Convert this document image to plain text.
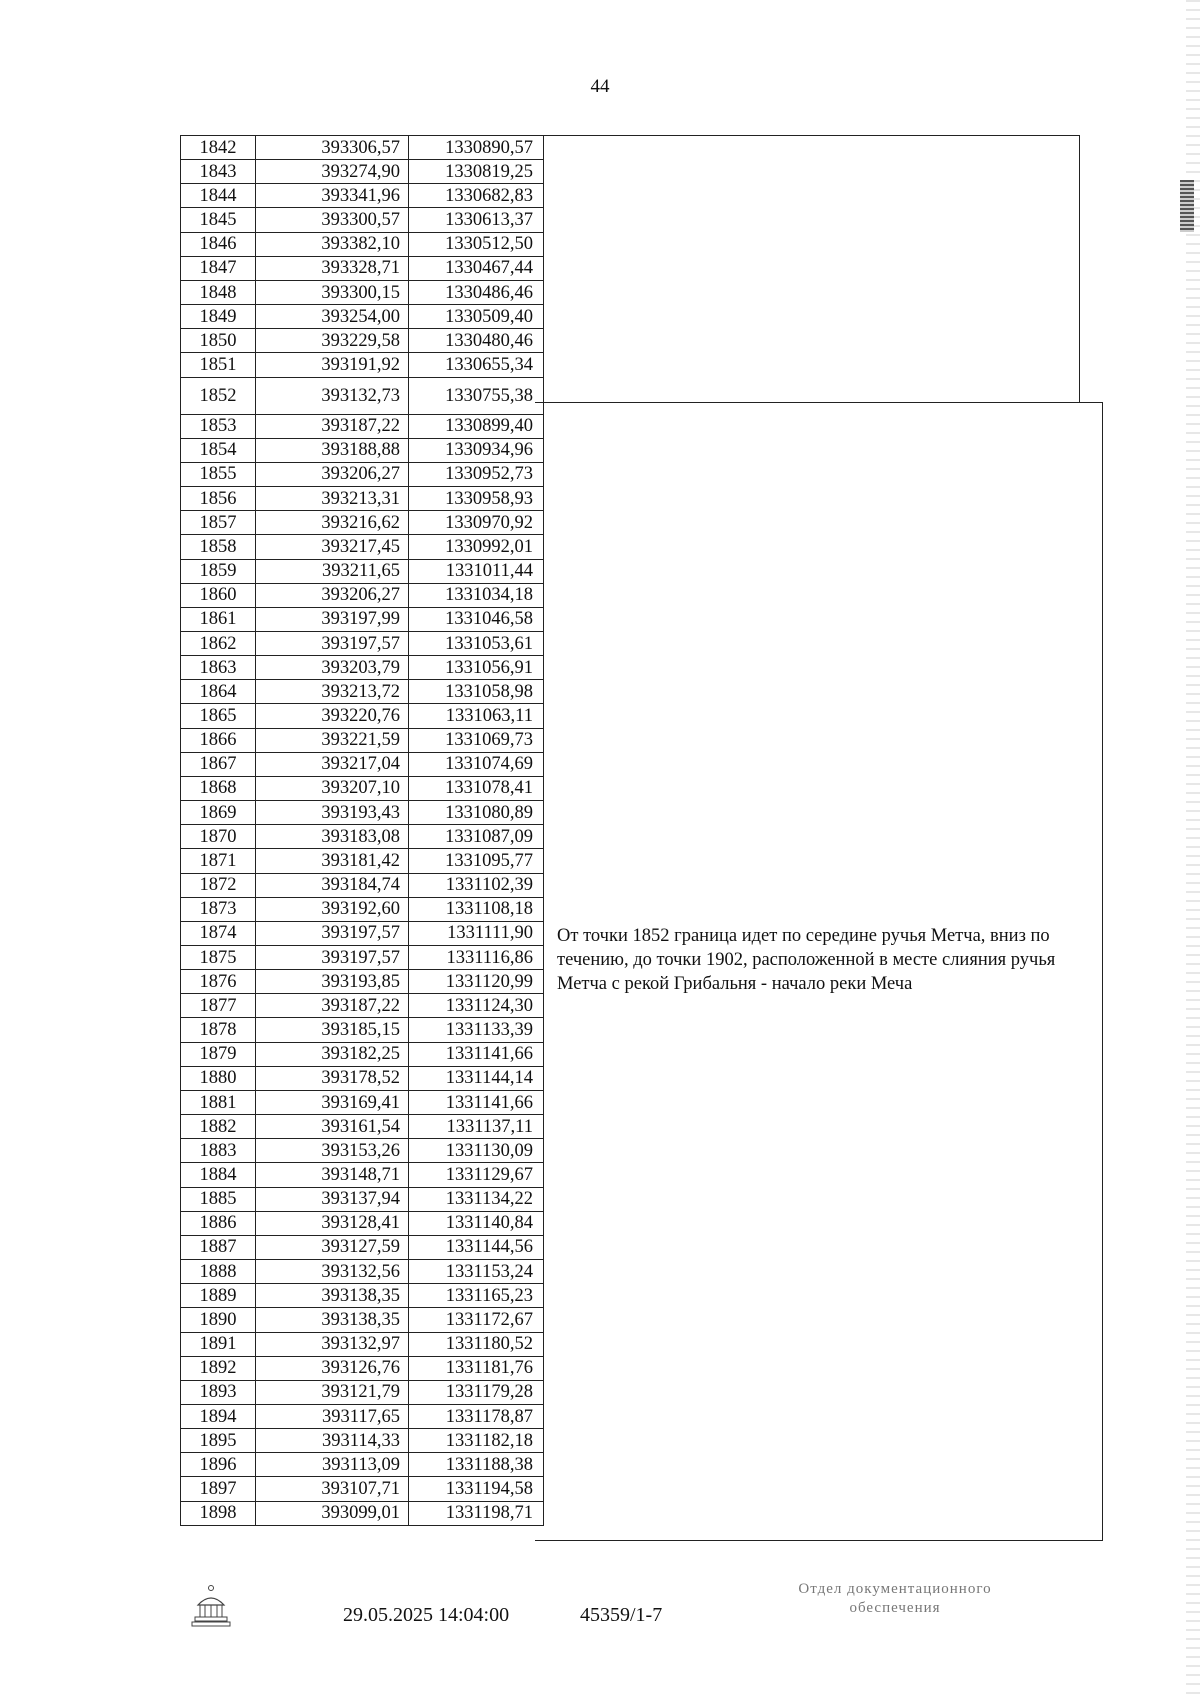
44
1842	393306,57	1330890,57
1843	393274,90	1330819,25
1844	393341,96	1330682,83
1845	393300,57	1330613,37
1846	393382,10	1330512,50
1847	393328,71	1330467,44
1848	393300,15	1330486,46
1849	393254,00	1330509,40
1850	393229,58	1330480,46
1851	393191,92	1330655,34
1852	393132,73	1330755,38
1853	393187,22	1330899,40
1854	393188,88	1330934,96
1855	393206,27	1330952,73
1856	393213,31	1330958,93
1857	393216,62	1330970,92
1858	393217,45	1330992,01
1859	393211,65	1331011,44
1860	393206,27	1331034,18
1861	393197,99	1331046,58
1862	393197,57	1331053,61
1863	393203,79	1331056,91
1864	393213,72	1331058,98
1865	393220,76	1331063,11
1866	393221,59	1331069,73
1867	393217,04	1331074,69
1868	393207,10	1331078,41
1869	393193,43	1331080,89
1870	393183,08	1331087,09
1871	393181,42	1331095,77
1872	393184,74	1331102,39
1873	393192,60	1331108,18
1874	393197,57	1331111,90
1875	393197,57	1331116,86
1876	393193,85	1331120,99
1877	393187,22	1331124,30
1878	393185,15	1331133,39
1879	393182,25	1331141,66
1880	393178,52	1331144,14
1881	393169,41	1331141,66
1882	393161,54	1331137,11
1883	393153,26	1331130,09
1884	393148,71	1331129,67
1885	393137,94	1331134,22
1886	393128,41	1331140,84
1887	393127,59	1331144,56
1888	393132,56	1331153,24
1889	393138,35	1331165,23
1890	393138,35	1331172,67
1891	393132,97	1331180,52
1892	393126,76	1331181,76
1893	393121,79	1331179,28
1894	393117,65	1331178,87
1895	393114,33	1331182,18
1896	393113,09	1331188,38
1897	393107,71	1331194,58
1898	393099,01	1331198,71
От точки 1852 граница идет по середине ручья Метча, вниз по течению, до точки 1902, расположенной в месте слияния ручья Метча с рекой Грибальня - начало реки Меча
29.05.2025 14:04:00	45359/1-7
Отдел документационного
обеспечения
